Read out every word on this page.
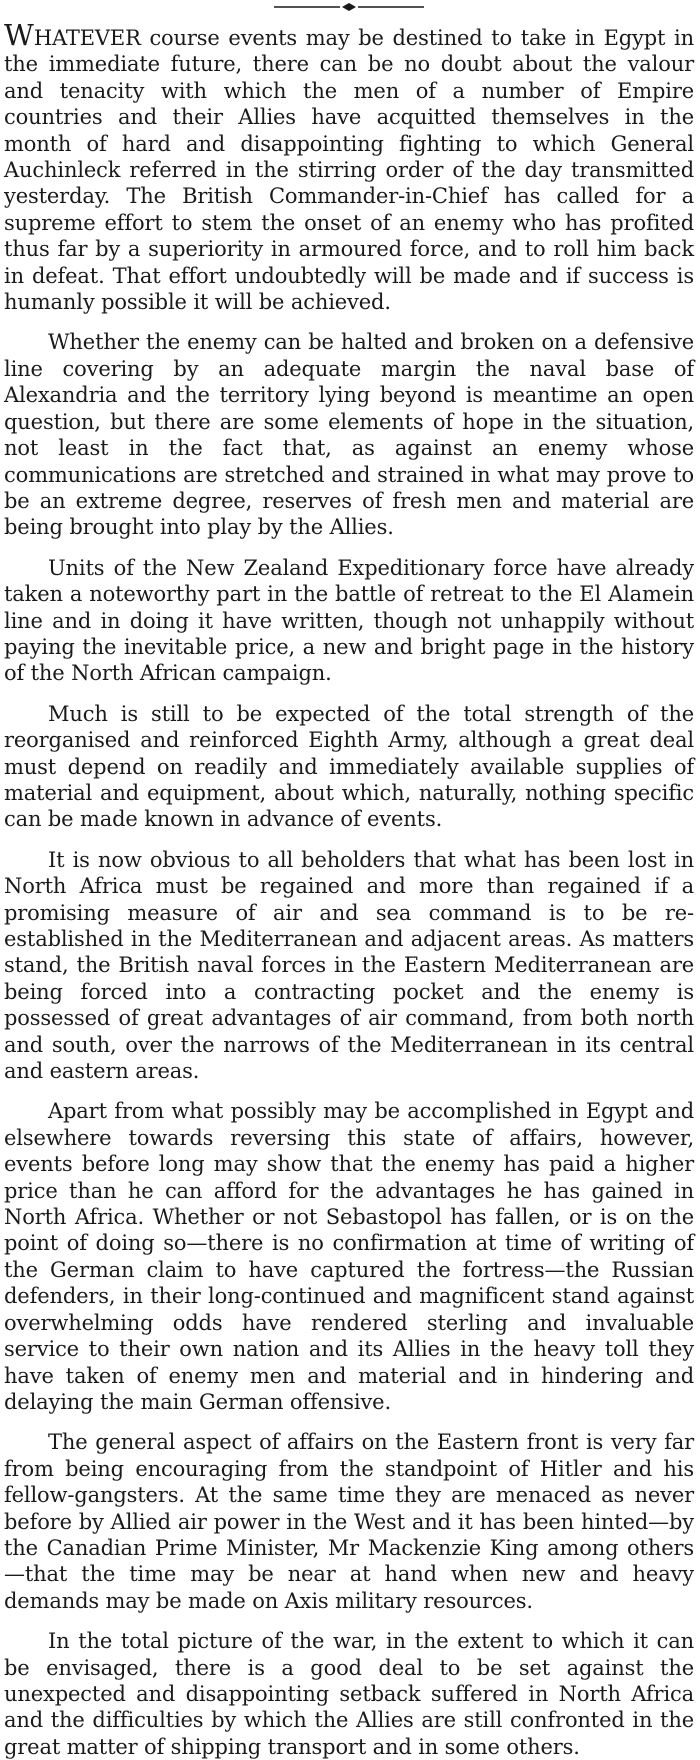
WHATEVER course events may be destined to take in Egypt in the immediate future, there can be no doubt about the valour and tenacity with which the men of a number of Empire countries and their Allies have acquitted themselves in the month of hard and disappointing fighting to which General Auchinleck referred in the stirring order of the day transmitted yesterday. The British Commander-in-Chief has called for a supreme effort to stem the onset of an enemy who has profited thus far by a superiority in armoured force, and to roll him back in defeat. That effort undoubtedly will be made and if success is humanly possible it will be achieved.

Whether the enemy can be halted and broken on a defensive line covering by an adequate margin the naval base of Alexandria and the territory lying beyond is meantime an open question, but there are some elements of hope in the situation, not least in the fact that, as against an enemy whose communications are stretched and strained in what may prove to be an extreme degree, reserves of fresh men and material are being brought into play by the Allies.

Units of the New Zealand Expeditionary force have already taken a noteworthy part in the battle of retreat to the El Alamein line and in doing it have written, though not unhappily without paying the inevitable price, a new and bright page in the history of the North African campaign.

Much is still to be expected of the total strength of the reorganised and reinforced Eighth Army, although a great deal must depend on readily and immediately available supplies of material and equipment, about which, naturally, nothing specific can be made known in advance of events.

It is now obvious to all beholders that what has been lost in North Africa must be regained and more than regained if a promising measure of air and sea command is to be re-established in the Mediterranean and adjacent areas. As matters stand, the British naval forces in the Eastern Mediterranean are being forced into a contracting pocket and the enemy is possessed of great advantages of air command, from both north and south, over the narrows of the Mediterranean in its central and eastern areas.

Apart from what possibly may be accomplished in Egypt and elsewhere towards reversing this state of affairs, however, events before long may show that the enemy has paid a higher price than he can afford for the advantages he has gained in North Africa. Whether or not Sebastopol has fallen, or is on the point of doing so—there is no confirmation at time of writing of the German claim to have captured the fortress—the Russian defenders, in their long-continued and magnificent stand against overwhelming odds have rendered sterling and invaluable service to their own nation and its Allies in the heavy toll they have taken of enemy men and material and in hindering and delaying the main German offensive.

The general aspect of affairs on the Eastern front is very far from being encouraging from the standpoint of Hitler and his fellow-gangsters. At the same time they are menaced as never before by Allied air power in the West and it has been hinted—by the Canadian Prime Minister, Mr Mackenzie King among others—that the time may be near at hand when new and heavy demands may be made on Axis military resources.

In the total picture of the war, in the extent to which it can be envisaged, there is a good deal to be set against the unexpected and disappointing setback suffered in North Africa and the difficulties by which the Allies are still confronted in the great matter of shipping transport and in some others.
